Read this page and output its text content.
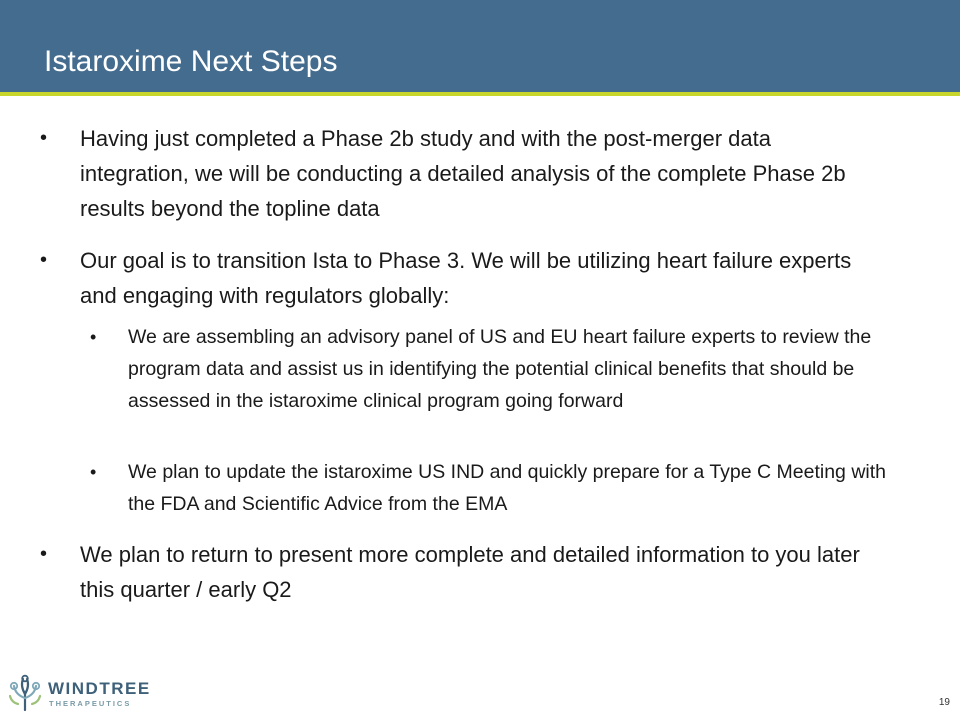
Istaroxime Next Steps
• Having just completed a Phase 2b study and with the post-merger data integration, we will be conducting a detailed analysis of the complete Phase 2b results beyond the topline data
• Our goal is to transition Ista to Phase 3. We will be utilizing heart failure experts and engaging with regulators globally:
• We are assembling an advisory panel of US and EU heart failure experts to review the program data and assist us in identifying the potential clinical benefits that should be assessed in the istaroxime clinical program going forward
• We plan to update the istaroxime US IND and quickly prepare for a Type C Meeting with the FDA and Scientific Advice from the EMA
• We plan to return to present more complete and detailed information to you later this quarter / early Q2
WINDTREE
THERAPEUTICS	19
